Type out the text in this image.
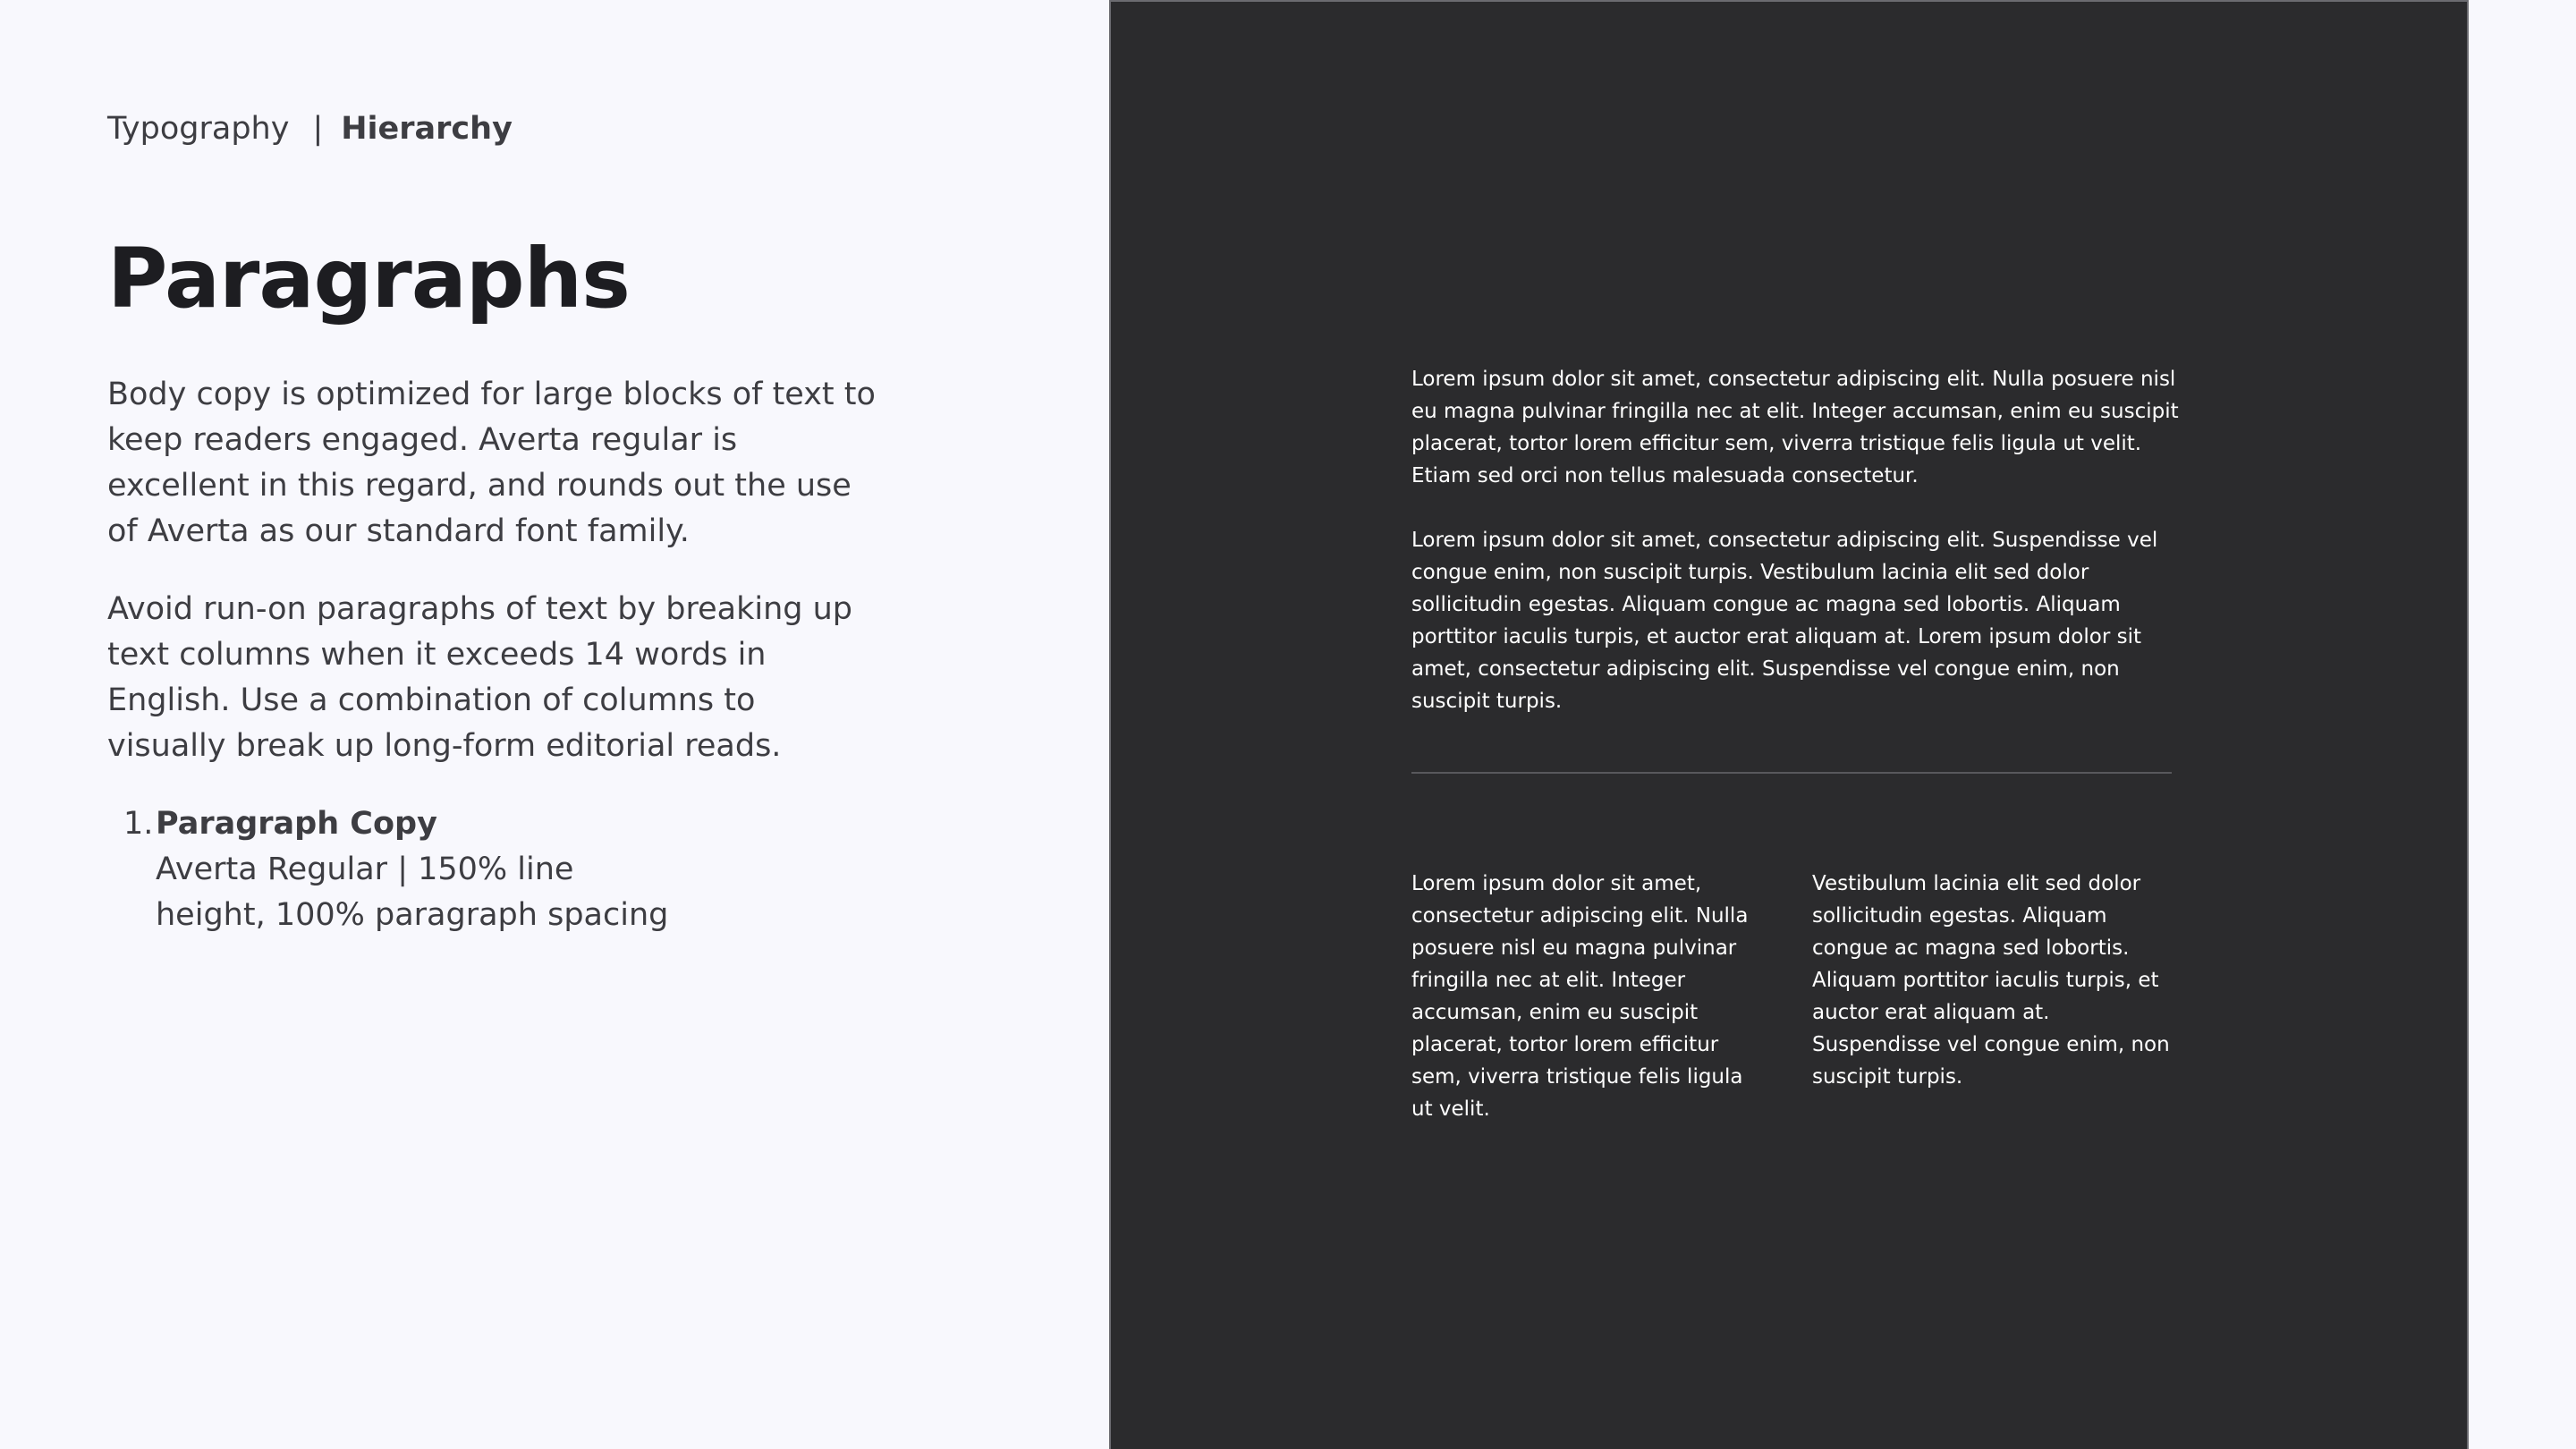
Typography | Hierarchy
Paragraphs

Body copy is optimized for large blocks of text to keep readers engaged. Averta regular is excellent in this regard, and rounds out the use of Averta as our standard font family.

Avoid run-on paragraphs of text by breaking up text columns when it exceeds 14 words in English. Use a combination of columns to visually break up long-form editorial reads.

1. Paragraph Copy
Averta Regular | 150% line height, 100% paragraph spacing

Lorem ipsum dolor sit amet, consectetur adipiscing elit. Nulla posuere nisl eu magna pulvinar fringilla nec at elit. Integer accumsan, enim eu suscipit placerat, tortor lorem efficitur sem, viverra tristique felis ligula ut velit. Etiam sed orci non tellus malesuada consectetur.

Lorem ipsum dolor sit amet, consectetur adipiscing elit. Suspendisse vel congue enim, non suscipit turpis. Vestibulum lacinia elit sed dolor sollicitudin egestas. Aliquam congue ac magna sed lobortis. Aliquam porttitor iaculis turpis, et auctor erat aliquam at. Lorem ipsum dolor sit amet, consectetur adipiscing elit. Suspendisse vel congue enim, non suscipit turpis.

Lorem ipsum dolor sit amet, consectetur adipiscing elit. Nulla posuere nisl eu magna pulvinar fringilla nec at elit. Integer accumsan, enim eu suscipit placerat, tortor lorem efficitur sem, viverra tristique felis ligula ut velit.

Vestibulum lacinia elit sed dolor sollicitudin egestas. Aliquam congue ac magna sed lobortis. Aliquam porttitor iaculis turpis, et auctor erat aliquam at. Suspendisse vel congue enim, non suscipit turpis.
